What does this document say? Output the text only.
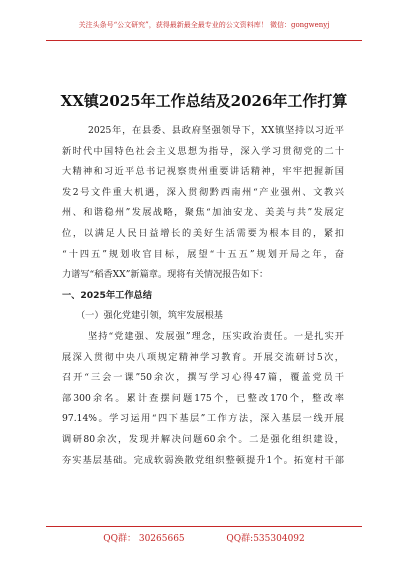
关注头条号“公文研究”，获得最新最全最专业的公文资料库！ 微信：gongwenyj
XX镇2025年工作总结及2026年工作打算
2025年，在县委、县政府坚强领导下，XX镇坚持以习近平
新时代中国特色社会主义思想为指导，深入学习贯彻党的二十
大精神和习近平总书记视察贵州重要讲话精神，牢牢把握新国
发2号文件重大机遇，深入贯彻黔西南州“产业强州、文教兴
州、和谐稳州”发展战略，聚焦“加油安龙、美美与共”发展定
位，以满足人民日益增长的美好生活需要为根本目的，紧扣
“十四五”规划收官目标，展望“十五五”规划开局之年，奋
力谱写“稻香XX”新篇章。现将有关情况报告如下：
一、2025年工作总结
（一）强化党建引领，筑牢发展根基
坚持“党建强、发展强”理念，压实政治责任。一是扎实开
展深入贯彻中央八项规定精神学习教育。开展交流研讨5次，
召开“三会一课”50余次，撰写学习心得47篇，覆盖党员干
部300余名。累计查摆问题175个，已整改170个，整改率
97.14%。学习运用“四下基层”工作方法，深入基层一线开展
调研80余次，发现并解决问题60余个。二是强化组织建设，
夯实基层基础。完成软弱涣散党组织整顿提升1个。拓宽村干部
QQ群： 30265665	QQ群:535304092
